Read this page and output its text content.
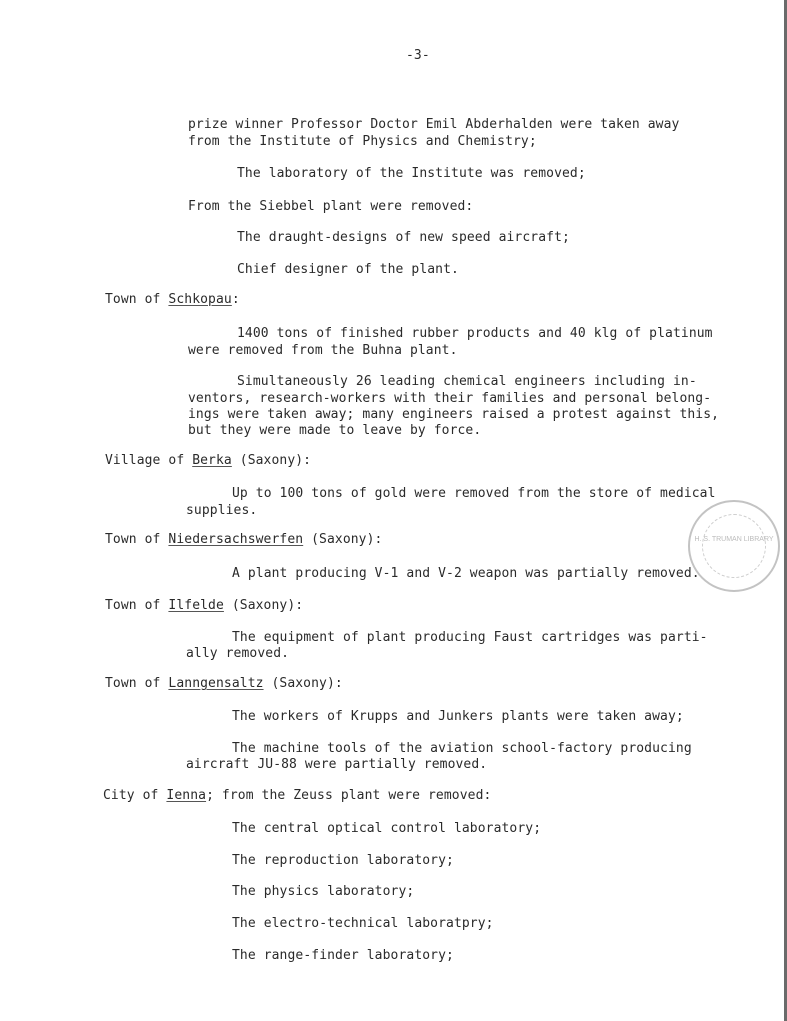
-3-
prize winner Professor Doctor Emil Abderhalden were taken away
from the Institute of Physics and Chemistry;
The laboratory of the Institute was removed;
From the Siebbel plant were removed:
The draught-designs of new speed aircraft;
Chief designer of the plant.
Town of Schkopau:
1400 tons of finished rubber products and 40 klg of platinum
were removed from the Buhna plant.
Simultaneously 26 leading chemical engineers including in-
ventors, research-workers with their families and personal belong-
ings were taken away; many engineers raised a protest against this,
but they were made to leave by force.
Village of Berka (Saxony):
Up to 100 tons of gold were removed from the store of medical
supplies.
Town of Niedersachswerfen (Saxony):
A plant producing V-1 and V-2 weapon was partially removed.
Town of Ilfelde (Saxony):
The equipment of plant producing Faust cartridges was parti-
ally removed.
Town of Lanngensaltz (Saxony):
The workers of Krupps and Junkers plants were taken away;
The machine tools of the aviation school-factory producing
aircraft JU-88 were partially removed.
City of Ienna; from the Zeuss plant were removed:
The central optical control laboratory;
The reproduction laboratory;
The physics laboratory;
The electro-technical laboratpry;
The range-finder laboratory;
H. S. TRUMAN LIBRARY
